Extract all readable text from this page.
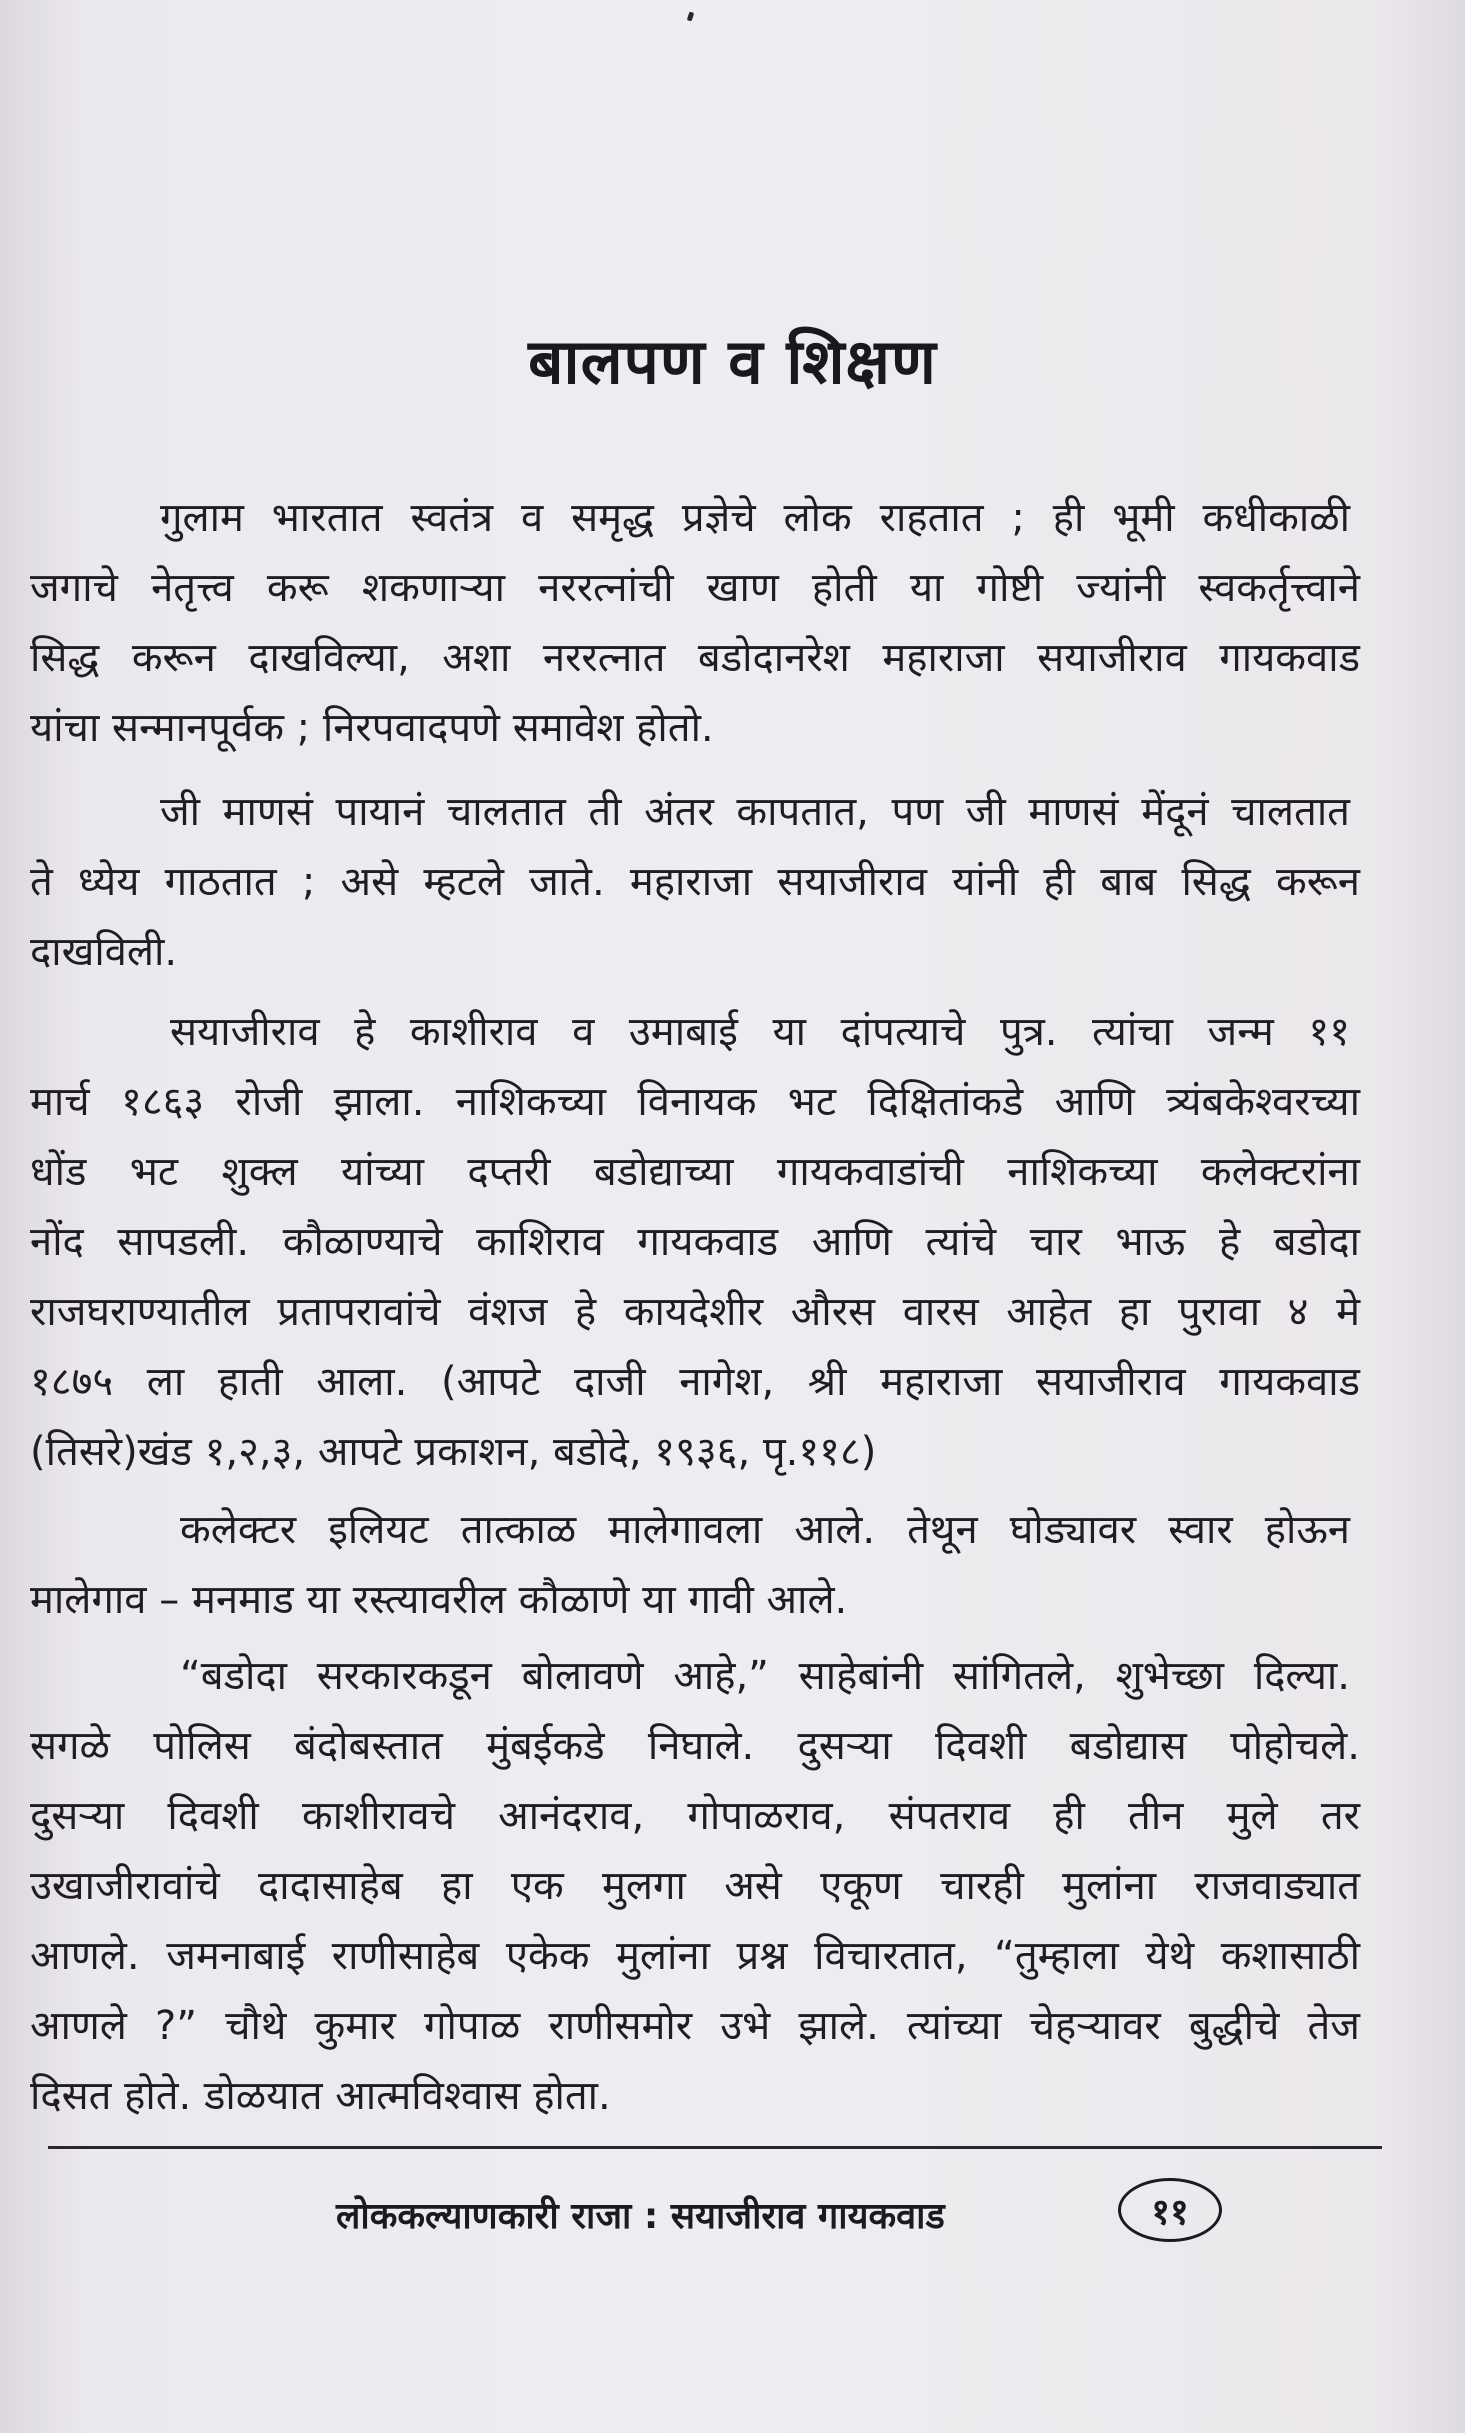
बालपण व शिक्षण
गुलाम भारतात स्वतंत्र व समृद्ध प्रज्ञेचे लोक राहतात ; ही भूमी कधीकाळी
जगाचे नेतृत्त्व करू शकणाऱ्या नररत्नांची खाण होती या गोष्टी ज्यांनी स्वकर्तृत्त्वाने
सिद्ध करून दाखविल्या, अशा नररत्नात बडोदानरेश महाराजा सयाजीराव गायकवाड
यांचा सन्मानपूर्वक ; निरपवादपणे समावेश होतो.
जी माणसं पायानं चालतात ती अंतर कापतात, पण जी माणसं मेंदूनं चालतात
ते ध्येय गाठतात ; असे म्हटले जाते. महाराजा सयाजीराव यांनी ही बाब सिद्ध करून
दाखविली.
सयाजीराव हे काशीराव व उमाबाई या दांपत्याचे पुत्र. त्यांचा जन्म ११
मार्च १८६३ रोजी झाला. नाशिकच्या विनायक भट दिक्षितांकडे आणि त्र्यंबकेश्वरच्या
धोंड भट शुक्ल यांच्या दप्तरी बडोद्याच्या गायकवाडांची नाशिकच्या कलेक्टरांना
नोंद सापडली. कौळाण्याचे काशिराव गायकवाड आणि त्यांचे चार भाऊ हे बडोदा
राजघराण्यातील प्रतापरावांचे वंशज हे कायदेशीर औरस वारस आहेत हा पुरावा ४ मे
१८७५ ला हाती आला. (आपटे दाजी नागेश, श्री महाराजा सयाजीराव गायकवाड
(तिसरे)खंड १,२,३, आपटे प्रकाशन, बडोदे, १९३६, पृ.११८)
कलेक्टर इलियट तात्काळ मालेगावला आले. तेथून घोड्यावर स्वार होऊन
मालेगाव – मनमाड या रस्त्यावरील कौळाणे या गावी आले.
“बडोदा सरकारकडून बोलावणे आहे,” साहेबांनी सांगितले, शुभेच्छा दिल्या.
सगळे पोलिस बंदोबस्तात मुंबईकडे निघाले. दुसऱ्या दिवशी बडोद्यास पोहोचले.
दुसऱ्या दिवशी काशीरावचे आनंदराव, गोपाळराव, संपतराव ही तीन मुले तर
उखाजीरावांचे दादासाहेब हा एक मुलगा असे एकूण चारही मुलांना राजवाड्यात
आणले. जमनाबाई राणीसाहेब एकेक मुलांना प्रश्न विचारतात, “तुम्हाला येथे कशासाठी
आणले ?” चौथे कुमार गोपाळ राणीसमोर उभे झाले. त्यांच्या चेहऱ्यावर बुद्धीचे तेज
दिसत होते. डोळयात आत्मविश्वास होता.
लोककल्याणकारी राजा : सयाजीराव गायकवाड	११
